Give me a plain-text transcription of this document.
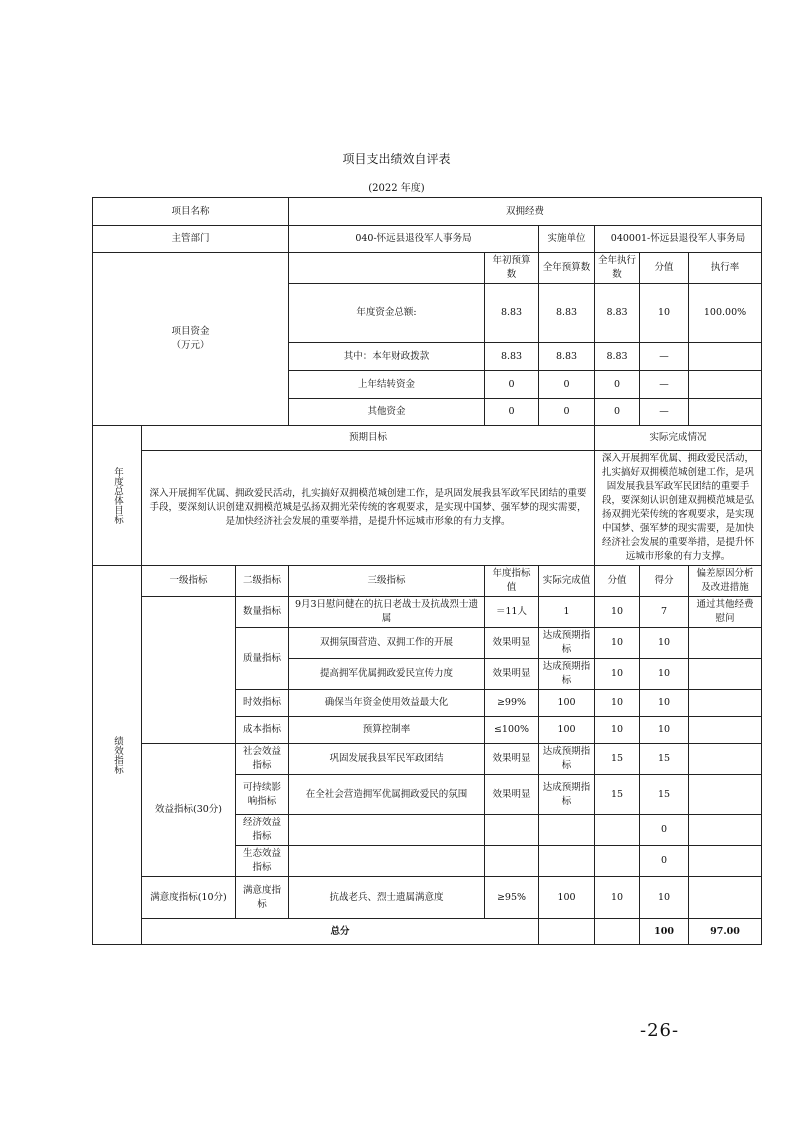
项目支出绩效自评表
(2022 年度)
项目名称			双拥经费						
主管部门			040-怀远县退役军人事务局		实施单位	040001-怀远县退役军人事务局			
项目资金
（万元）				年初预算数	全年预算数	全年执行数	分值	执行率	
			年度资金总额:	8.83	8.83	8.83	10	100.00%	
			其中：本年财政拨款	8.83	8.83	8.83	—		
			上年结转资金	0	0	0	—		
			其他资金	0	0	0	—		
年度总体目标	预期目标					实际完成情况			
	深入开展拥军优属、拥政爱民活动，扎实搞好双拥模范城创建工作，是巩固发展我县军政军民团结的重要手段，要深刻认识创建双拥模范城是弘扬双拥光荣传统的客观要求，是实现中国梦、强军梦的现实需要，是加快经济社会发展的重要举措，是提升怀远城市形象的有力支撑。					深入开展拥军优属、拥政爱民活动，扎实搞好双拥模范城创建工作，是巩固发展我县军政军民团结的重要手段，要深刻认识创建双拥模范城是弘扬双拥光荣传统的客观要求，是实现中国梦、强军梦的现实需要，是加快经济社会发展的重要举措，是提升怀远城市形象的有力支撑。			
绩效指标	一级指标	二级指标	三级指标	年度指标值	实际完成值	分值	得分	偏差原因分析及改进措施	
		数量指标	9月3日慰问健在的抗日老战士及抗战烈士遗属	＝11人	1	10	7	通过其他经费慰问	
		质量指标	双拥氛围营造、双拥工作的开展	效果明显	达成预期指标	10	10		
			提高拥军优属拥政爱民宣传力度	效果明显	达成预期指标	10	10		
		时效指标	确保当年资金使用效益最大化	≥99%	100	10	10		
		成本指标	预算控制率	≤100%	100	10	10		
	效益指标(30分)	社会效益指标	巩固发展我县军民军政团结	效果明显	达成预期指标	15	15		
		可持续影响指标	在全社会营造拥军优属拥政爱民的氛围	效果明显	达成预期指标	15	15		
		经济效益指标					0		
		生态效益指标					0		
	满意度指标(10分)	满意度指标	抗战老兵、烈士遗属满意度	≥95%	100	10	10		
	总分						100	97.00	
-26-
